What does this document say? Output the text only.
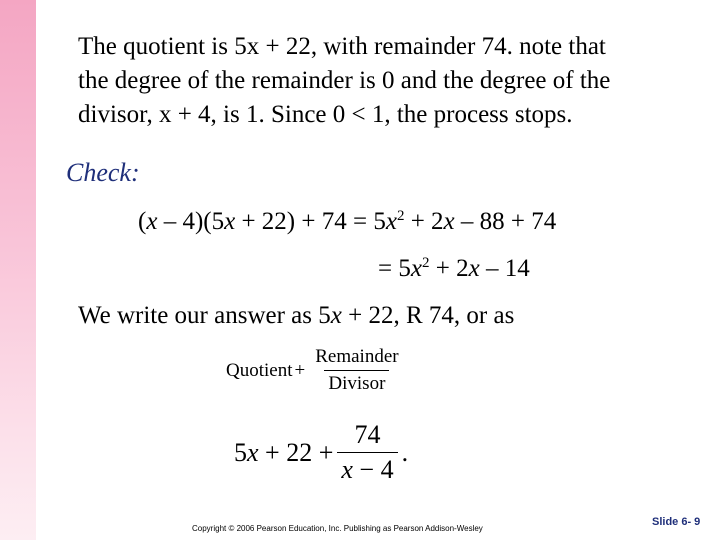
The quotient is 5x + 22, with remainder 74. note that
the degree of the remainder is 0 and the degree of the
divisor, x + 4, is 1. Since 0 < 1, the process stops.
Check:
$(x - 4)(5x + 22) + 74 = 5x^2 + 2x - 88 + 74$
= $5x^2 + 2x - 14$
We write our answer as 5x + 22, R 74, or as
Quotient + $\frac{\text{Remainder}}{\text{Divisor}}$
5 $x + 22 + \frac{74}{x - 4}$ .
Copyright © 2006 Pearson Education, Inc. Publishing as Pearson Addison-Wesley
Slide 6- 9
